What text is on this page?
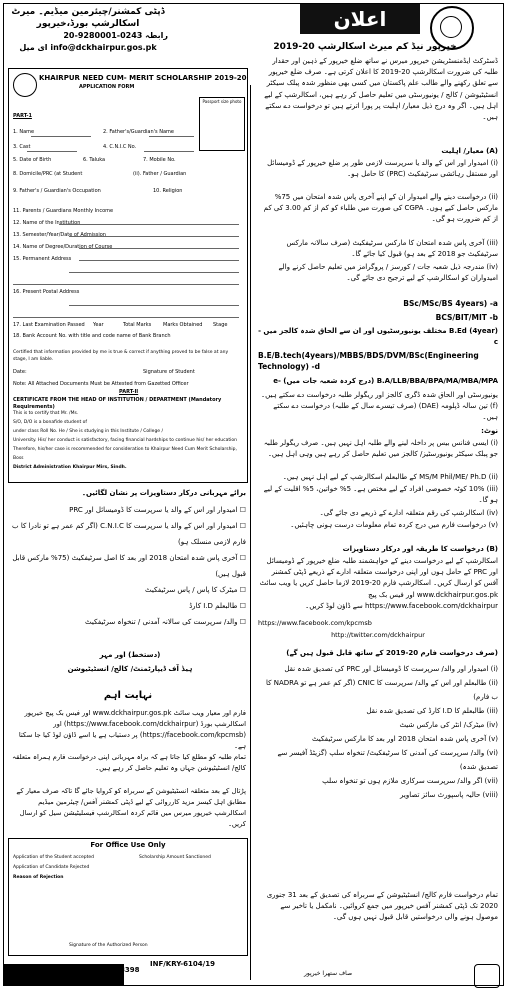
ڈپٹی کمشنر/چیئرمین میڈیم۔ میرٹ اسکالرشپ بورڈ،خیرپور
رابطہ 0243-9280001-20
ای میل info@dckhairpur.gos.pk
اعلان
خیرپور نیڈ کم میرٹ اسکالرشپ 20-2019
KHAIRPUR NEED CUM- MERIT SCHOLARSHIP 2019-20
APPLICATION FORM
Passport size photo
PART-1
1. Name	2. Father's/Guardian's Name
3. Cast	4. C.N.I.C No.
5. Date of Birth	6. Taluka	7. Mobile No.
8. Domicile/PRC (at Student	(ii). Father / Guardian
9. Father's / Guardian's Occupation	10. Religion
11. Parents / Guardians Monthly Income
12. Name of the Institution
13. Semester/Year/Date of Admission
14. Name of Degree/Duration of Course
15. Permanent Address
16. Present Postal Address
17. Last Examination Passed Year	Total Marks Marks Obtained Stage
18. Bank Account No. with title and code name of Bank Branch
Certified that information provided by me is true & correct if anything proved to be false at any stage, I am liable.
Date:	Signature of Student
Note: All Attached Documents Must be Attested from Gazetted Officer
PART-II
CERTIFICATE FROM THE HEAD OF INSTITUTION / DEPARTMENT (Mandatory Requirements)
This is to certify that Mr. /Ms.
S/O, D/O is a bonafide student of
under class Roll No. He / She is studying in this Institute / College /
University. His/ her conduct is satisfactory, facing financial hardships to continue his/ her education
Therefore, his/her case is recommended for consideration to Khairpur Need Cum Merit Scholarship, Boss
District Administration Khairpur Mirs, Sindh.
برائے مہربانی درکار دستاویزات پر نشان لگائیں۔
☐ امیدوار اور اس کے والد یا سرپرست کا ڈومیسائل اور PRC
☐ امیدوار اور اس کے والد یا سرپرست کا C.N.I.C (اگر کم عمر ہے تو نادرا کا ب فارم لازمی منسلک ہو)
☐ آخری پاس شدہ امتحان 2018 اور بعد کا اصل سرٹیفکیٹ (75% مارکس قابل قبول ہیں)
☐ میٹرک کا پاس / پاس سرٹیفکیٹ
☐ طالبعلم I.D کارڈ
☐ والد/ سرپرست کی سالانہ آمدنی / تنخواہ سرٹیفکیٹ
(دستخط) اور مہر
ہیڈ آف ڈیپارٹمنٹ/ کالج/ انسٹیٹیوشن
نہایت اہم
فارم اور معیار ویب سائٹ www.dckhairpur.gos.pk اور فیس بک پیج خیرپور اسکالرشپ بورڈ (https://www.facebook.com/dckhairpur) اور (https://facebook.com/kpcmsb) پر دستیاب ہے یا اسے ڈاؤن لوڈ کیا جا سکتا ہے۔
تمام طلبہ کو مطلع کیا جاتا ہے کہ براہ مہربانی اپنی درخواست فارم ہمراہ متعلقہ کالج/ انسٹیٹیوشن جہاں وہ تعلیم حاصل کر رہے ہیں۔
پڑتال کے بعد متعلقہ انسٹیٹیوشن کے سربراہ کو کروایا جائے گا تاکہ صرف معیار کے مطابق اہل کیسز مزید کارروائی کے لیے ڈپٹی کمشنر آفس/ چیئرمین میڈیم اسکالرشپ خیرپور میرس میں قائم کردہ اسکالرشپ فیسلیٹیشن سیل کو ارسال کریں۔
For Office Use Only
Application of the Student accepted	Scholarship Amount Sanctioned
Application of Candidate Rejected
Reason of Rejection
Signature of the Authorized Person
ڈسٹرکٹ ایڈمنسٹریشن خیرپور میرس نے ساتھ ضلع خیرپور کے ذہین اور حقدار طلبہ کی ضرورت اسکالرشپ 20-2019 کا اعلان کرتی ہے۔ صرف ضلع خیرپور سے تعلق رکھنے والے طالب علم پاکستان میں کسی بھی منظور شدہ پبلک سیکٹر انسٹیٹیوشن / کالج / یونیورسٹی میں تعلیم حاصل کر رہے ہیں، اسکالرشپ کے لیے اہل ہیں۔ اگر وہ درج ذیل معیار/ اہلیت پر پورا اترتے ہیں تو درخواست دے سکتے ہیں۔
(A) معیار/ اہلیت
(i) امیدوار اور اس کے والد یا سرپرست لازمی طور پر ضلع خیرپور کے ڈومیسائل اور مستقل رہائشی سرٹیفکیٹ (PRC) کا حامل ہو۔
(ii) درخواست دینے والے امیدوار ان کے اپنے آخری پاس شدہ امتحان میں 75% مارکس حاصل کیے ہوں۔ CGPA کی صورت میں طلباء کو کم از کم 3.00 کی کم از کم ضرورت ہو گی۔
(iii) آخری پاس شدہ امتحان کا مارکس سرٹیفکیٹ (صرف سالانہ مارکس سرٹیفکیٹ جو 2018 کے بعد ہو) قبول کیا جائے گا۔
(iv) مندرجہ ذیل شعبہ جات / کورسز / پروگرامز میں تعلیم حاصل کرنے والے امیدواران کو اسکالرشپ کے لیے ترجیح دی جائے گی۔
BSc/MSc/BS 4years) -a
BCS/BIT/MIT -b
B.Ed (4year) مختلف یونیورسٹیوں اور ان سے الحاق شدہ کالجز میں -c
B.E/B.tech(4years)/MBBS/BDS/DVM/BSc(Engineering Technology) -d
B.A/LLB/BBA/BPA/MA/MBA/MPA (درج کردہ شعبہ جات میں) -e
یونیورسٹی اور الحاق شدہ ڈگری کالجز اور ریگولر طلبہ درخواست دے سکتے ہیں۔ (f) تین سالہ ڈپلومہ (DAE) (صرف تیسرے سال کے طلبہ) درخواست دے سکتے ہیں۔
نوٹ:
(i) ایسی فنانس بیس پر داخلہ لینے والے طلبہ اہل نہیں ہیں۔ صرف ریگولر طلبہ جو پبلک سیکٹر یونیورسٹیز/ کالجز میں تعلیم حاصل کر رہے ہیں وہی اہل ہیں۔
(ii) MS/M Phil/ME/ Ph.D کے طالبعلم اسکالرشپ کے لیے اہل نہیں ہیں۔
(iii) 10% کوٹہ خصوصی افراد کے لیے مختص ہے۔ 5% خواتین، 5% اقلیت کے لیے ہو گا۔
(iv) اسکالرشپ کی رقم متعلقہ ادارے کے ذریعے دی جائے گی۔
(v) درخواست فارم میں درج کردہ تمام معلومات درست ہونی چاہئیں۔
(B) درخواست کا طریقہ اور درکار دستاویزات
اسکالرشپ کے لیے درخواست دینے کے خواہشمند طلبہ ضلع خیرپور کے ڈومیسائل اور PRC کے حامل ہوں اور اپنی درخواست متعلقہ ادارے کے ذریعے ڈپٹی کمشنر آفس کو ارسال کریں۔ اسکالرشپ فارم 20-2019 لازما حاصل کریں یا ویب سائٹ www.dckhairpur.gos.pk اور فیس بک پیج https://www.facebook.com/dckhairpur سے ڈاؤن لوڈ کریں۔
https://www.facebook.com/kpcmsb
http://twitter.com/dckhairpur
(صرف درخواست فارم 20-2019 کے ساتھ قابل قبول ہیں گے)
(i) امیدوار اور والد/ سرپرست کا ڈومیسائل اور PRC کی تصدیق شدہ نقل
(ii) طالبعلم اور اس کے والد/ سرپرست کا CNIC (اگر کم عمر ہے تو NADRA کا ب فارم)
(iii) طالبعلم کا I.D کارڈ کی تصدیق شدہ نقل
(iv) میٹرک/ انٹر کی مارکس شیٹ
(v) آخری پاس شدہ امتحان 2018 اور بعد کا مارکس سرٹیفکیٹ
(vi) والد/ سرپرست کی آمدنی کا سرٹیفکیٹ/ تنخواہ سلپ (گزیٹڈ آفیسر سے تصدیق شدہ)
(vii) اگر والد/ سرپرست سرکاری ملازم ہوں تو تنخواہ سلپ
(viii) حالیہ پاسپورٹ سائز تصاویر
تمام درخواست فارم کالج/ انسٹیٹیوشن کے سربراہ کی تصدیق کے بعد 31 جنوری 2020 تک ڈپٹی کمشنر آفس خیرپور میں جمع کروائیں۔ نامکمل یا تاخیر سے موصول ہونے والی درخواستیں قابل قبول نہیں ہوں گی۔
INF/KRY-6104/19
8398	صاف ستھرا خیرپور
